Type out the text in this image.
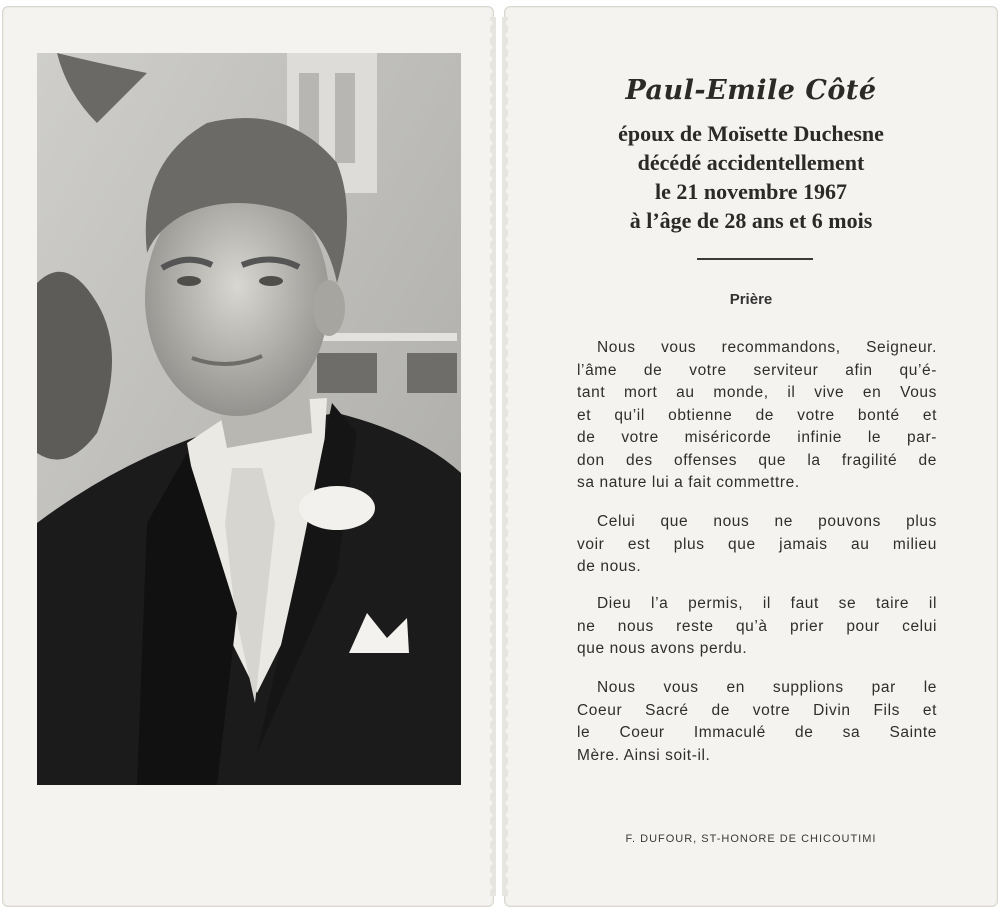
Paul-Emile Côté
époux de Moïsette Duchesne
décédé accidentellement
le 21 novembre 1967
à l’âge de 28 ans et 6 mois
Prière
Nous vous recommandons, Seigneur.
l’âme de votre serviteur afin qu’é-
tant mort au monde, il vive en Vous
et qu’il obtienne de votre bonté et
de votre miséricorde infinie le par-
don des offenses que la fragilité de
sa nature lui a fait commettre.
Celui que nous ne pouvons plus
voir est plus que jamais au milieu
de nous.
Dieu l’a permis, il faut se taire il
ne nous reste qu’à prier pour celui
que nous avons perdu.
Nous vous en supplions par le
Coeur Sacré de votre Divin Fils et
le Coeur Immaculé de sa Sainte
Mère. Ainsi soit-il.
F. DUFOUR, ST-HONORE DE CHICOUTIMI
